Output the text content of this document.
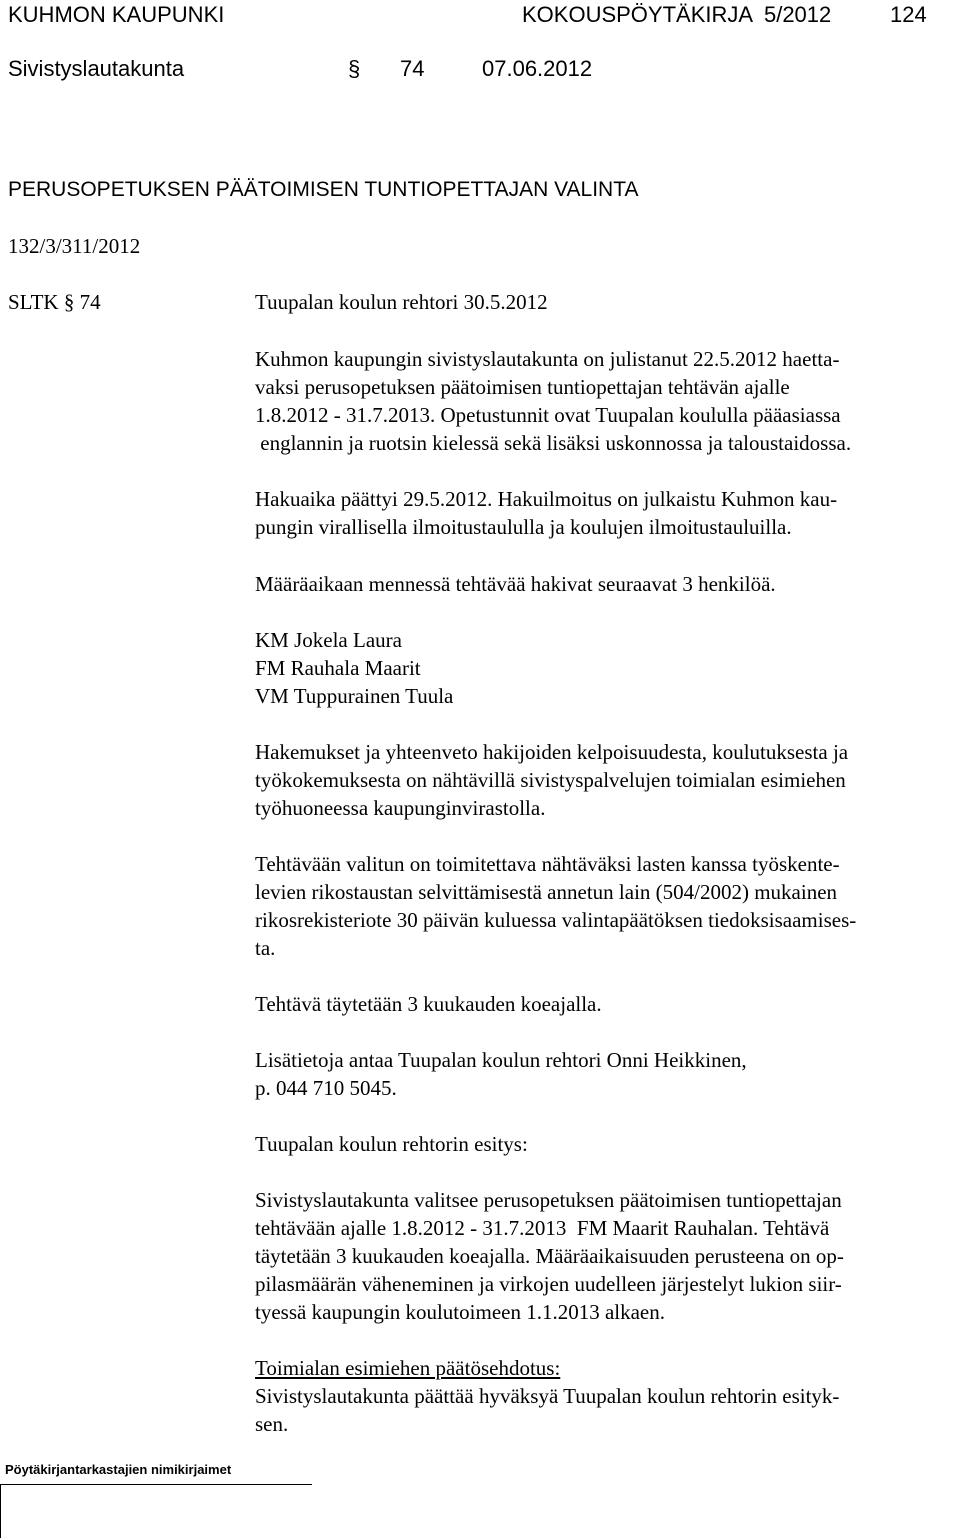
KUHMON KAUPUNKI	KOKOUSPÖYTÄKIRJA 5/2012	124
Sivistyslautakunta	§ 74	07.06.2012
PERUSOPETUKSEN PÄÄTOIMISEN TUNTIOPETTAJAN VALINTA
132/3/311/2012
SLTK § 74	Tuupalan koulun rehtori 30.5.2012
Kuhmon kaupungin sivistyslautakunta on julistanut 22.5.2012 haetta-
vaksi perusopetuksen päätoimisen tuntiopettajan tehtävän ajalle
1.8.2012 - 31.7.2013. Opetustunnit ovat Tuupalan koululla pääasiassa
englannin ja ruotsin kielessä sekä lisäksi uskonnossa ja taloustaidossa.
Hakuaika päättyi 29.5.2012. Hakuilmoitus on julkaistu Kuhmon kau-
pungin virallisella ilmoitustaululla ja koulujen ilmoitustauluilla.
Määräaikaan mennessä tehtävää hakivat seuraavat 3 henkilöä.
KM Jokela Laura
FM Rauhala Maarit
VM Tuppurainen Tuula
Hakemukset ja yhteenveto hakijoiden kelpoisuudesta, koulutuksesta ja
työkokemuksesta on nähtävillä sivistyspalvelujen toimialan esimiehen
työhuoneessa kaupunginvirastolla.
Tehtävään valitun on toimitettava nähtäväksi lasten kanssa työskente-
levien rikostaustan selvittämisestä annetun lain (504/2002) mukainen
rikosrekisteriote 30 päivän kuluessa valintapäätöksen tiedoksisaamises-
ta.
Tehtävä täytetään 3 kuukauden koeajalla.
Lisätietoja antaa Tuupalan koulun rehtori Onni Heikkinen,
p. 044 710 5045.
Tuupalan koulun rehtorin esitys:
Sivistyslautakunta valitsee perusopetuksen päätoimisen tuntiopettajan
tehtävään ajalle 1.8.2012 - 31.7.2013  FM Maarit Rauhalan. Tehtävä
täytetään 3 kuukauden koeajalla. Määräaikaisuuden perusteena on op-
pilasmäärän väheneminen ja virkojen uudelleen järjestelyt lukion siir-
tyessä kaupungin koulutoimeen 1.1.2013 alkaen.
Toimialan esimiehen päätösehdotus:
Sivistyslautakunta päättää hyväksyä Tuupalan koulun rehtorin esityk-
sen.
Pöytäkirjantarkastajien nimikirjaimet
